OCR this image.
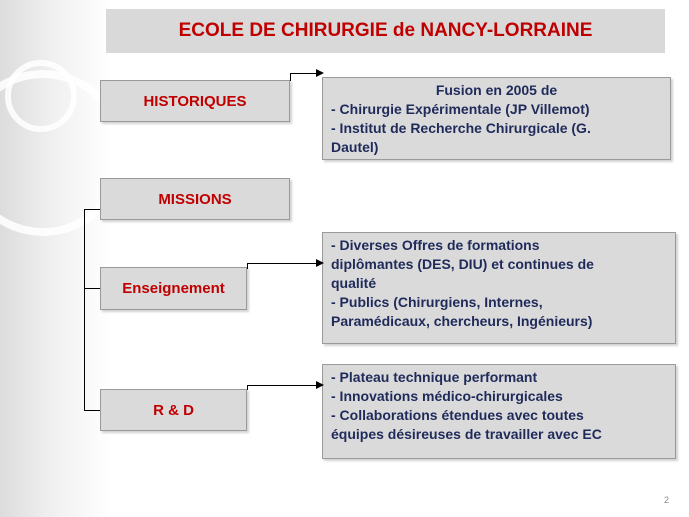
ECOLE DE CHIRURGIE de NANCY-LORRAINE
HISTORIQUES
Fusion en 2005 de
- Chirurgie Expérimentale (JP Villemot)
- Institut de Recherche Chirurgicale (G.
Dautel)
MISSIONS
Enseignement
- Diverses Offres de formations
diplômantes (DES, DIU) et continues de
qualité
- Publics (Chirurgiens, Internes,
Paramédicaux, chercheurs, Ingénieurs)
R & D
- Plateau technique performant
- Innovations médico-chirurgicales
- Collaborations étendues avec toutes
équipes désireuses de travailler avec EC
2
